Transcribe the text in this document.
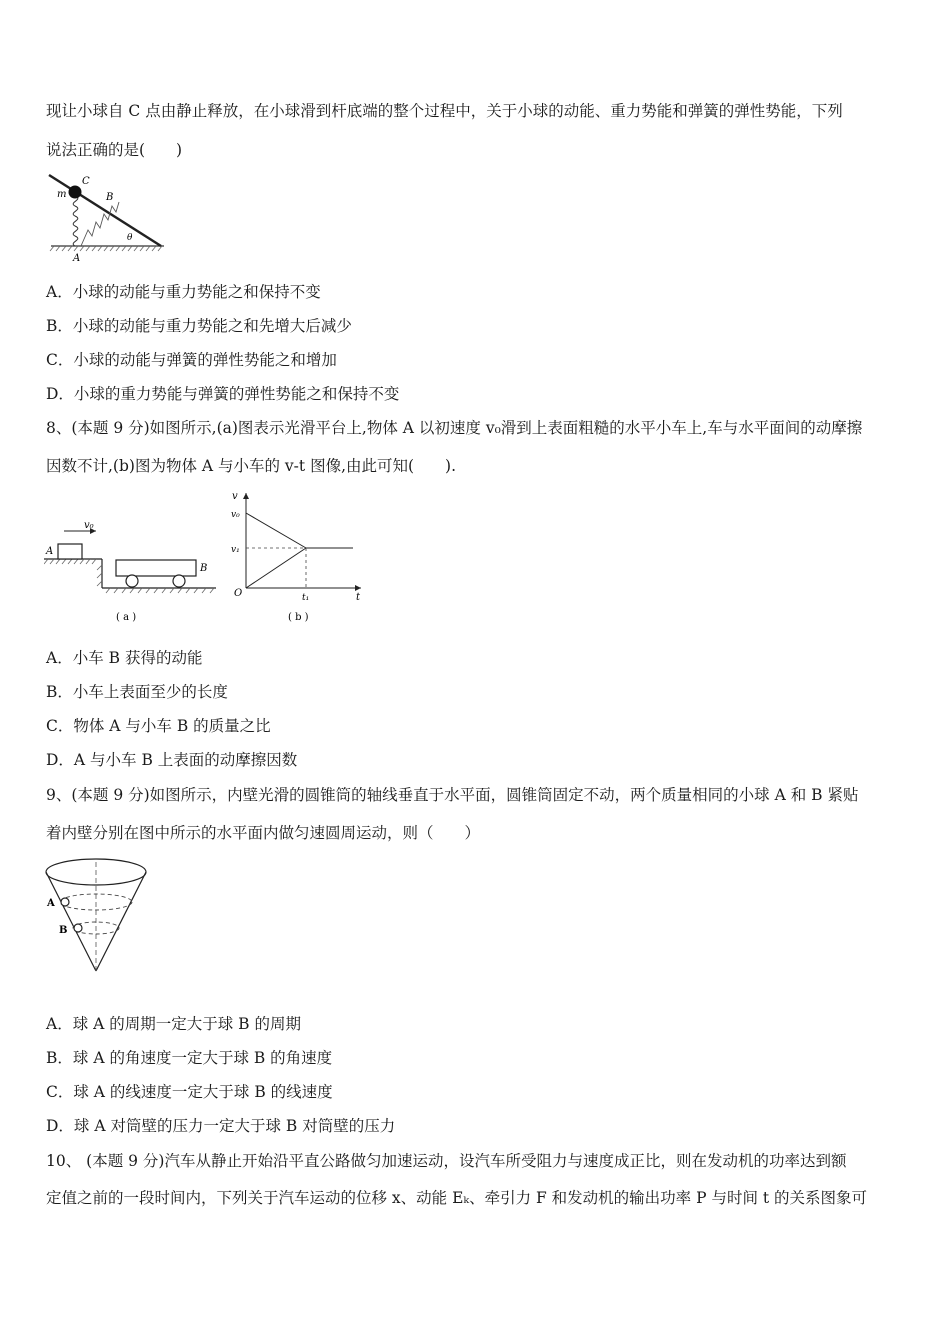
现让小球自 C 点由静止释放，在小球滑到杆底端的整个过程中，关于小球的动能、重力势能和弹簧的弹性势能，下列
说法正确的是(　　)
m
C
B
θ
A
A．小球的动能与重力势能之和保持不变
B．小球的动能与重力势能之和先增大后减少
C．小球的动能与弹簧的弹性势能之和增加
D．小球的重力势能与弹簧的弹性势能之和保持不变
8、(本题 9 分)如图所示,(a)图表示光滑平台上,物体 A 以初速度 v₀滑到上表面粗糙的水平小车上,车与水平面间的动摩擦
因数不计,(b)图为物体 A 与小车的 v-t 图像,由此可知(　　).
v₀
A
B
( a )
v
v₀
v₁
O	t₁	t
( b )
A．小车 B 获得的动能
B．小车上表面至少的长度
C．物体 A 与小车 B 的质量之比
D．A 与小车 B 上表面的动摩擦因数
9、(本题 9 分)如图所示，内壁光滑的圆锥筒的轴线垂直于水平面，圆锥筒固定不动，两个质量相同的小球 A 和 B 紧贴
着内壁分别在图中所示的水平面内做匀速圆周运动，则（　　）
A
B
A．球 A 的周期一定大于球 B 的周期
B．球 A 的角速度一定大于球 B 的角速度
C．球 A 的线速度一定大于球 B 的线速度
D．球 A 对筒壁的压力一定大于球 B 对筒壁的压力
10、 (本题 9 分)汽车从静止开始沿平直公路做匀加速运动，设汽车所受阻力与速度成正比，则在发动机的功率达到额
定值之前的一段时间内，下列关于汽车运动的位移 x、动能 Eₖ、牵引力 F 和发动机的输出功率 P 与时间 t 的关系图象可
